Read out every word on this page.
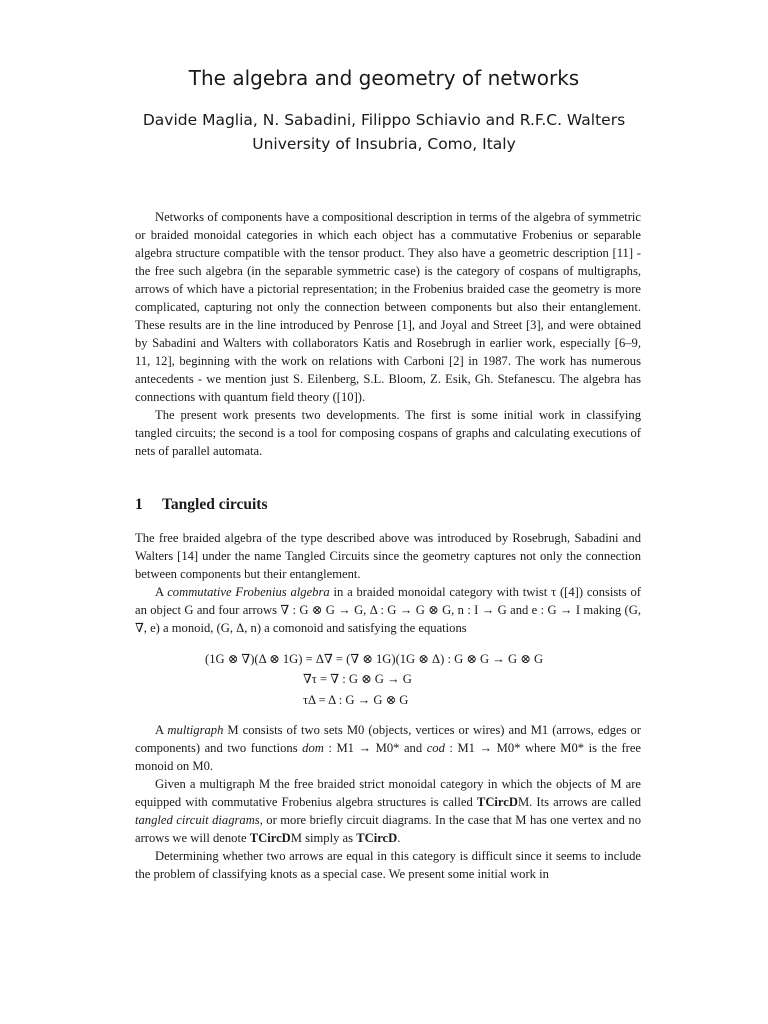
The algebra and geometry of networks
Davide Maglia, N. Sabadini, Filippo Schiavio and R.F.C. Walters
University of Insubria, Como, Italy

Networks of components have a compositional description in terms of the algebra of symmetric or braided monoidal categories in which each object has a commutative Frobenius or separable algebra structure compatible with the tensor product. They also have a geometric description [11] - the free such algebra (in the separable symmetric case) is the category of cospans of multigraphs, arrows of which have a pictorial representation; in the Frobenius braided case the geometry is more complicated, capturing not only the connection between components but also their entanglement. These results are in the line introduced by Penrose [1], and Joyal and Street [3], and were obtained by Sabadini and Walters with collaborators Katis and Rosebrugh in earlier work, especially [6–9, 11, 12], beginning with the work on relations with Carboni [2] in 1987. The work has numerous antecedents - we mention just S. Eilenberg, S.L. Bloom, Z. Esik, Gh. Stefanescu. The algebra has connections with quantum field theory ([10]).

The present work presents two developments. The first is some initial work in classifying tangled circuits; the second is a tool for composing cospans of graphs and calculating executions of nets of parallel automata.

1 Tangled circuits

The free braided algebra of the type described above was introduced by Rosebrugh, Sabadini and Walters [14] under the name Tangled Circuits since the geometry captures not only the connection between components but their entanglement.

A commutative Frobenius algebra in a braided monoidal category with twist τ ([4]) consists of an object G and four arrows ∇ : G ⊗ G → G, Δ : G → G ⊗ G, n : I → G and e : G → I making (G, ∇, e) a monoid, (G, Δ, n) a comonoid and satisfying the equations

(1G ⊗ ∇)(Δ ⊗ 1G) = Δ∇ = (∇ ⊗ 1G)(1G ⊗ Δ) : G ⊗ G → G ⊗ G
∇τ = ∇ : G ⊗ G → G
τΔ = Δ : G → G ⊗ G

A multigraph M consists of two sets M0 (objects, vertices or wires) and M1 (arrows, edges or components) and two functions dom : M1 → M0* and cod : M1 → M0* where M0* is the free monoid on M0.

Given a multigraph M the free braided strict monoidal category in which the objects of M are equipped with commutative Frobenius algebra structures is called TCircDM. Its arrows are called tangled circuit diagrams, or more briefly circuit diagrams. In the case that M has one vertex and no arrows we will denote TCircDM simply as TCircD.

Determining whether two arrows are equal in this category is difficult since it seems to include the problem of classifying knots as a special case. We present some initial work in
